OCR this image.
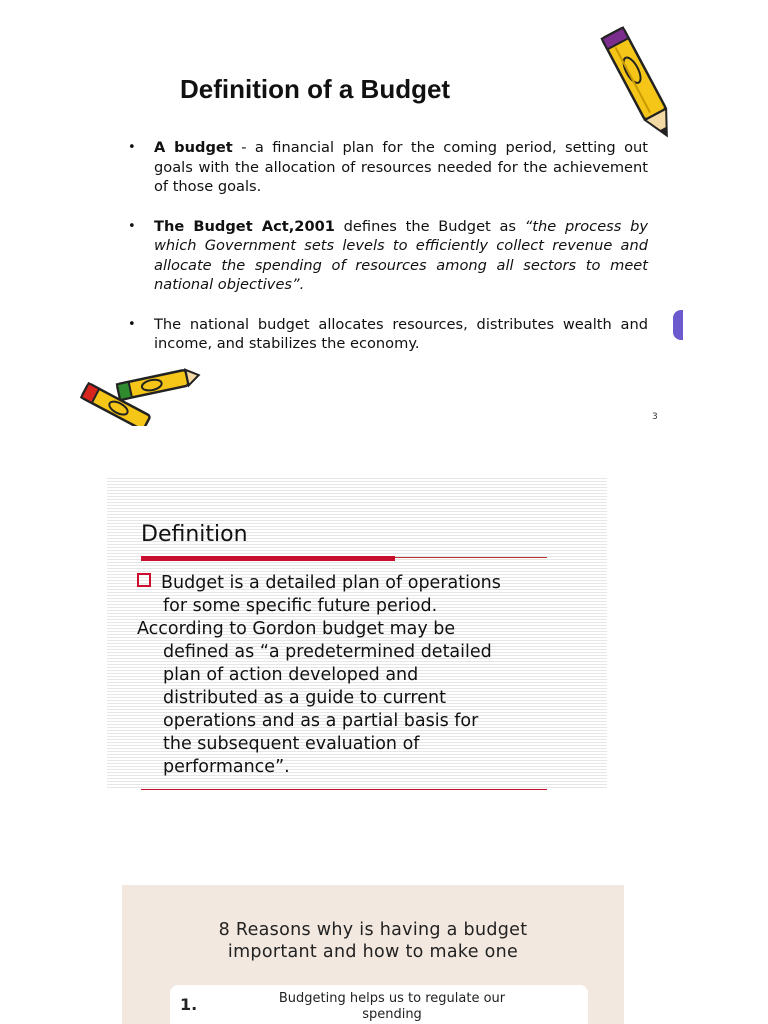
Definition of a Budget
• A budget - a financial plan for the coming period, setting out goals with the allocation of resources needed for the achievement of those goals.
• The Budget Act,2001 defines the Budget as “the process by which Government sets levels to efficiently collect revenue and allocate the spending of resources among all sectors to meet national objectives”.
• The national budget allocates resources, distributes wealth and income, and stabilizes the economy.
3
Definition
Budget is a detailed plan of operations
for some specific future period.
According to Gordon budget may be
defined as “a predetermined detailed
plan of action developed and
distributed as a guide to current
operations and as a partial basis for
the subsequent evaluation of
performance”.
8 Reasons why is having a budget
important and how to make one
1.	Budgeting helps us to regulate our
spending
